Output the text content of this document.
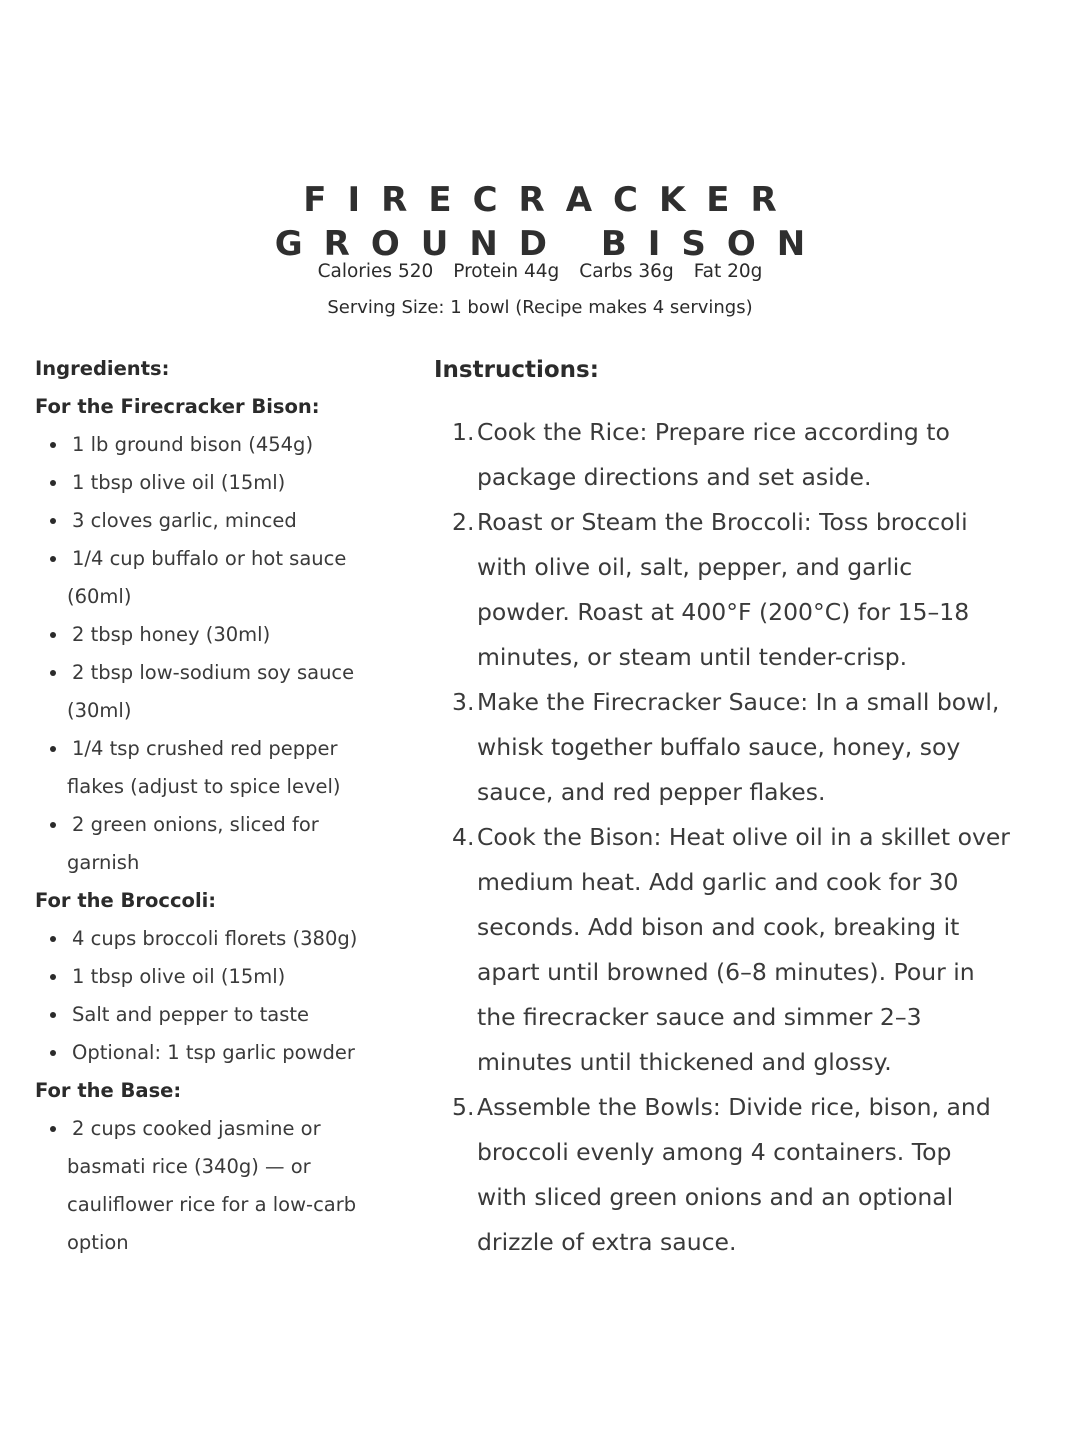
FIRECRACKER
GROUND BISON
Calories 520 Protein 44g Carbs 36g Fat 20g
Serving Size: 1 bowl (Recipe makes 4 servings)
Ingredients:
For the Firecracker Bison:
1 lb ground bison (454g)
1 tbsp olive oil (15ml)
3 cloves garlic, minced
1/4 cup buffalo or hot sauce
(60ml)
2 tbsp honey (30ml)
2 tbsp low-sodium soy sauce
(30ml)
1/4 tsp crushed red pepper
flakes (adjust to spice level)
2 green onions, sliced for
garnish
For the Broccoli:
4 cups broccoli florets (380g)
1 tbsp olive oil (15ml)
Salt and pepper to taste
Optional: 1 tsp garlic powder
For the Base:
2 cups cooked jasmine or
basmati rice (340g) — or
cauliflower rice for a low-carb
option
Instructions:
1. Cook the Rice: Prepare rice according to
package directions and set aside.
2. Roast or Steam the Broccoli: Toss broccoli
with olive oil, salt, pepper, and garlic
powder. Roast at 400°F (200°C) for 15–18
minutes, or steam until tender-crisp.
3. Make the Firecracker Sauce: In a small bowl,
whisk together buffalo sauce, honey, soy
sauce, and red pepper flakes.
4. Cook the Bison: Heat olive oil in a skillet over
medium heat. Add garlic and cook for 30
seconds. Add bison and cook, breaking it
apart until browned (6–8 minutes). Pour in
the firecracker sauce and simmer 2–3
minutes until thickened and glossy.
5. Assemble the Bowls: Divide rice, bison, and
broccoli evenly among 4 containers. Top
with sliced green onions and an optional
drizzle of extra sauce.
